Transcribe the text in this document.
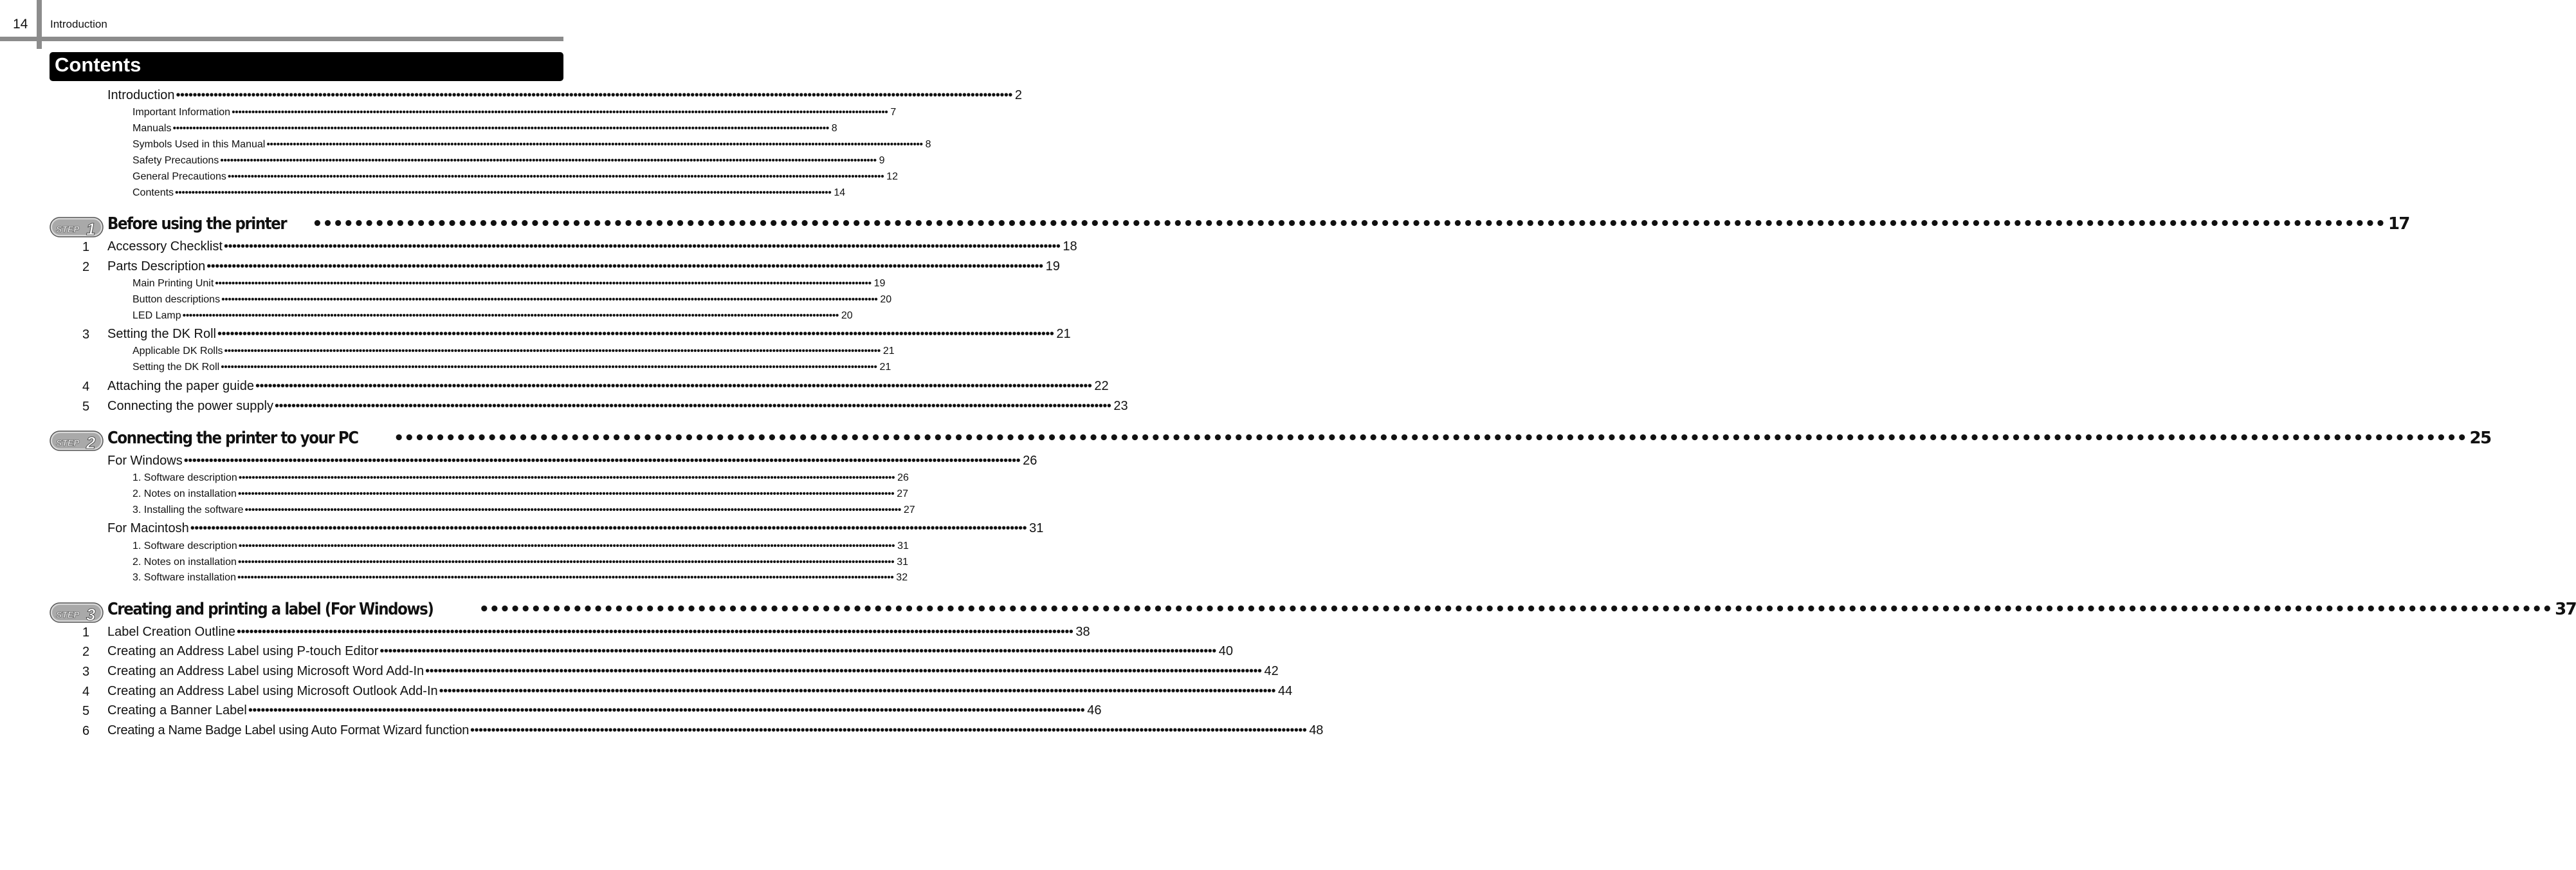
14 Introduction
Contents
Introduction •••••••••••••••••••••••••••••••••••••••••••••••••••••••••••••••••••••••••••••••••••••••••••••••••••••••••••••••••••••••••••••••••••••••••••••••••••••••••••••••••••••••••••••••••••••••••••••••••••••••• 2
Important Information •••••••••••••••••••••••••••••••••••••••••••••••••••••••••••••••••••••••••••••••••••••••••••••••••••••••••••••••••••••••••••••••••••••••••••••••••••••••••••••••••••••••••••••••••••••••••••••••••••••••• 7
Manuals •••••••••••••••••••••••••••••••••••••••••••••••••••••••••••••••••••••••••••••••••••••••••••••••••••••••••••••••••••••••••••••••••••••••••••••••••••••••••••••••••••••••••••••••••••••••••••••••••••••••• 8
Symbols Used in this Manual •••••••••••••••••••••••••••••••••••••••••••••••••••••••••••••••••••••••••••••••••••••••••••••••••••••••••••••••••••••••••••••••••••••••••••••••••••••••••••••••••••••••••••••••••••••••••••••••••••••••• 8
Safety Precautions •••••••••••••••••••••••••••••••••••••••••••••••••••••••••••••••••••••••••••••••••••••••••••••••••••••••••••••••••••••••••••••••••••••••••••••••••••••••••••••••••••••••••••••••••••••••••••••••••••••••• 9
General Precautions •••••••••••••••••••••••••••••••••••••••••••••••••••••••••••••••••••••••••••••••••••••••••••••••••••••••••••••••••••••••••••••••••••••••••••••••••••••••••••••••••••••••••••••••••••••••••••••••••••••••• 12
Contents •••••••••••••••••••••••••••••••••••••••••••••••••••••••••••••••••••••••••••••••••••••••••••••••••••••••••••••••••••••••••••••••••••••••••••••••••••••••••••••••••••••••••••••••••••••••••••••••••••••••• 14
STEP 1 Before using the printer •••••••••••••••••••••••••••••••••••••••••••••••••••••••••••••••••••••••••••••••••••••••••••••••••••••••••••••••••••••••••••••••••••••••••••••••••••••••••••••••••••••••••••••••••••••••••••••••••••••••• 17
1 Accessory Checklist •••••••••••••••••••••••••••••••••••••••••••••••••••••••••••••••••••••••••••••••••••••••••••••••••••••••••••••••••••••••••••••••••••••••••••••••••••••••••••••••••••••••••••••••••••••••••••••••••••••••• 18
2 Parts Description •••••••••••••••••••••••••••••••••••••••••••••••••••••••••••••••••••••••••••••••••••••••••••••••••••••••••••••••••••••••••••••••••••••••••••••••••••••••••••••••••••••••••••••••••••••••••••••••••••••••• 19
Main Printing Unit •••••••••••••••••••••••••••••••••••••••••••••••••••••••••••••••••••••••••••••••••••••••••••••••••••••••••••••••••••••••••••••••••••••••••••••••••••••••••••••••••••••••••••••••••••••••••••••••••••••••• 19
Button descriptions •••••••••••••••••••••••••••••••••••••••••••••••••••••••••••••••••••••••••••••••••••••••••••••••••••••••••••••••••••••••••••••••••••••••••••••••••••••••••••••••••••••••••••••••••••••••••••••••••••••••• 20
LED Lamp •••••••••••••••••••••••••••••••••••••••••••••••••••••••••••••••••••••••••••••••••••••••••••••••••••••••••••••••••••••••••••••••••••••••••••••••••••••••••••••••••••••••••••••••••••••••••••••••••••••••• 20
3 Setting the DK Roll •••••••••••••••••••••••••••••••••••••••••••••••••••••••••••••••••••••••••••••••••••••••••••••••••••••••••••••••••••••••••••••••••••••••••••••••••••••••••••••••••••••••••••••••••••••••••••••••••••••••• 21
Applicable DK Rolls •••••••••••••••••••••••••••••••••••••••••••••••••••••••••••••••••••••••••••••••••••••••••••••••••••••••••••••••••••••••••••••••••••••••••••••••••••••••••••••••••••••••••••••••••••••••••••••••••••••••• 21
Setting the DK Roll •••••••••••••••••••••••••••••••••••••••••••••••••••••••••••••••••••••••••••••••••••••••••••••••••••••••••••••••••••••••••••••••••••••••••••••••••••••••••••••••••••••••••••••••••••••••••••••••••••••••• 21
4 Attaching the paper guide •••••••••••••••••••••••••••••••••••••••••••••••••••••••••••••••••••••••••••••••••••••••••••••••••••••••••••••••••••••••••••••••••••••••••••••••••••••••••••••••••••••••••••••••••••••••••••••••••••••••• 22
5 Connecting the power supply •••••••••••••••••••••••••••••••••••••••••••••••••••••••••••••••••••••••••••••••••••••••••••••••••••••••••••••••••••••••••••••••••••••••••••••••••••••••••••••••••••••••••••••••••••••••••••••••••••••••• 23
STEP 2 Connecting the printer to your PC •••••••••••••••••••••••••••••••••••••••••••••••••••••••••••••••••••••••••••••••••••••••••••••••••••••••••••••••••••••••••••••••••••••••••••••••••••••••••••••••••••••••••••••••••••••••••••••••••••••••• 25
For Windows •••••••••••••••••••••••••••••••••••••••••••••••••••••••••••••••••••••••••••••••••••••••••••••••••••••••••••••••••••••••••••••••••••••••••••••••••••••••••••••••••••••••••••••••••••••••••••••••••••••••• 26
1. Software description •••••••••••••••••••••••••••••••••••••••••••••••••••••••••••••••••••••••••••••••••••••••••••••••••••••••••••••••••••••••••••••••••••••••••••••••••••••••••••••••••••••••••••••••••••••••••••••••••••••••• 26
2. Notes on installation •••••••••••••••••••••••••••••••••••••••••••••••••••••••••••••••••••••••••••••••••••••••••••••••••••••••••••••••••••••••••••••••••••••••••••••••••••••••••••••••••••••••••••••••••••••••••••••••••••••••• 27
3. Installing the software •••••••••••••••••••••••••••••••••••••••••••••••••••••••••••••••••••••••••••••••••••••••••••••••••••••••••••••••••••••••••••••••••••••••••••••••••••••••••••••••••••••••••••••••••••••••••••••••••••••••• 27
For Macintosh •••••••••••••••••••••••••••••••••••••••••••••••••••••••••••••••••••••••••••••••••••••••••••••••••••••••••••••••••••••••••••••••••••••••••••••••••••••••••••••••••••••••••••••••••••••••••••••••••••••••• 31
1. Software description •••••••••••••••••••••••••••••••••••••••••••••••••••••••••••••••••••••••••••••••••••••••••••••••••••••••••••••••••••••••••••••••••••••••••••••••••••••••••••••••••••••••••••••••••••••••••••••••••••••••• 31
2. Notes on installation •••••••••••••••••••••••••••••••••••••••••••••••••••••••••••••••••••••••••••••••••••••••••••••••••••••••••••••••••••••••••••••••••••••••••••••••••••••••••••••••••••••••••••••••••••••••••••••••••••••••• 31
3. Software installation •••••••••••••••••••••••••••••••••••••••••••••••••••••••••••••••••••••••••••••••••••••••••••••••••••••••••••••••••••••••••••••••••••••••••••••••••••••••••••••••••••••••••••••••••••••••••••••••••••••••• 32
STEP 3 Creating and printing a label (For Windows)	•••••••••••••••••••••••••••••••••••••••••••••••••••••••••••••••••••••••••••••••••••••••••••••••••••••••••••••••••••••••••••••••••••••••••••••••••••••••••••••••••••••••••••••••••••••••••••••••••••••••• 37
1 Label Creation Outline •••••••••••••••••••••••••••••••••••••••••••••••••••••••••••••••••••••••••••••••••••••••••••••••••••••••••••••••••••••••••••••••••••••••••••••••••••••••••••••••••••••••••••••••••••••••••••••••••••••••• 38
2 Creating an Address Label using P-touch Editor •••••••••••••••••••••••••••••••••••••••••••••••••••••••••••••••••••••••••••••••••••••••••••••••••••••••••••••••••••••••••••••••••••••••••••••••••••••••••••••••••••••••••••••••••••••••••••••••••••••••• 40
3 Creating an Address Label using Microsoft Word Add-In •••••••••••••••••••••••••••••••••••••••••••••••••••••••••••••••••••••••••••••••••••••••••••••••••••••••••••••••••••••••••••••••••••••••••••••••••••••••••••••••••••••••••••••••••••••••••••••••••••••••• 42
4 Creating an Address Label using Microsoft Outlook Add-In •••••••••••••••••••••••••••••••••••••••••••••••••••••••••••••••••••••••••••••••••••••••••••••••••••••••••••••••••••••••••••••••••••••••••••••••••••••••••••••••••••••••••••••••••••••••••••••••••••••••• 44
5 Creating a Banner Label •••••••••••••••••••••••••••••••••••••••••••••••••••••••••••••••••••••••••••••••••••••••••••••••••••••••••••••••••••••••••••••••••••••••••••••••••••••••••••••••••••••••••••••••••••••••••••••••••••••••• 46
6 Creating a Name Badge Label using Auto Format Wizard function •••••••••••••••••••••••••••••••••••••••••••••••••••••••••••••••••••••••••••••••••••••••••••••••••••••••••••••••••••••••••••••••••••••••••••••••••••••••••••••••••••••••••••••••••••••••••••••••••••••••• 48
